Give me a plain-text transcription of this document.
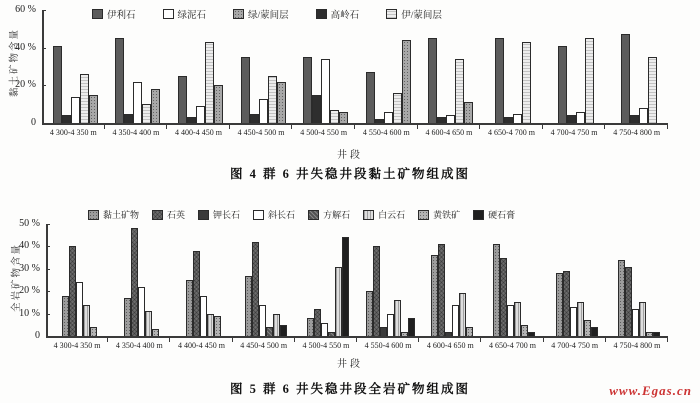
黏土矿物含量
伊利石	绿泥石	绿/蒙间层	高岭石	伊/蒙间层
井段
图 4 群 6 井失稳井段黏土矿物组成图
全岩矿物含量
黏土矿物	石英	钾长石	斜长石	方解石	白云石	黄铁矿	硬石膏
井段
图 5 群 6 井失稳井段全岩矿物组成图	www.Egas.cn
4 300-4 350 m	4 350-4 400 m	4 400-4 450 m	4 450-4 500 m	4 500-4 550 m	4 550-4 600 m	4 600-4 650 m	4 650-4 700 m	4 700-4 750 m	4 750-4 800 m
0
20 %
40 %
60 %
4 300-4 350 m	4 350-4 400 m	4 400-4 450 m	4 450-4 500 m	4 500-4 550 m	4 550-4 600 m	4 600-4 650 m	4 650-4 700 m	4 700-4 750 m	4 750-4 800 m
0
10 %
20 %
30 %
40 %
50 %
